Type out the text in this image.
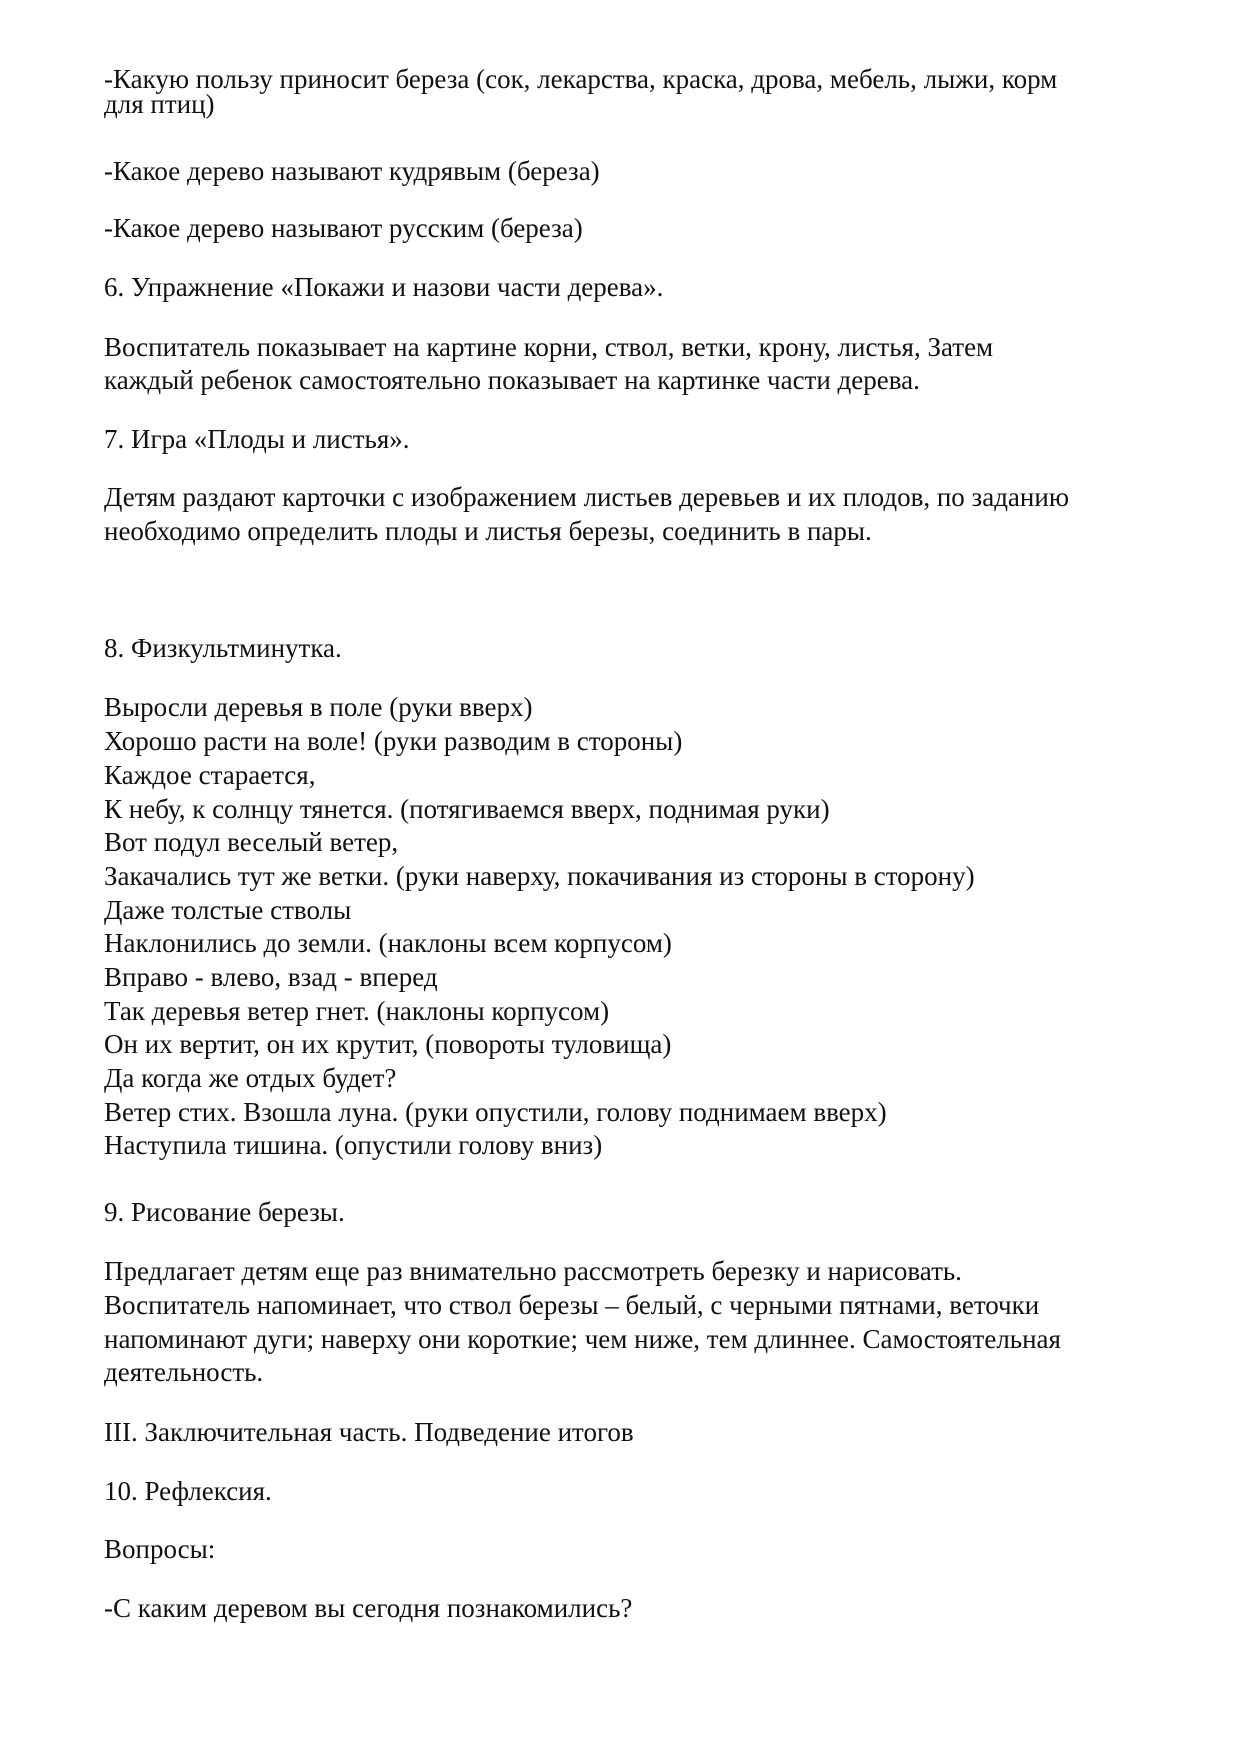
-Какую пользу приносит береза (сок, лекарства, краска, дрова, мебель, лыжи, корм
для птиц)
-Какое дерево называют кудрявым (береза)
-Какое дерево называют русским (береза)
6. Упражнение «Покажи и назови части дерева».
Воспитатель показывает на картине корни, ствол, ветки, крону, листья, Затем
каждый ребенок самостоятельно показывает на картинке части дерева.
7. Игра «Плоды и листья».
Детям раздают карточки с изображением листьев деревьев и их плодов, по заданию
необходимо определить плоды и листья березы, соединить в пары.
8. Физкультминутка.
Выросли деревья в поле (руки вверх)
Хорошо расти на воле! (руки разводим в стороны)
Каждое старается,
К небу, к солнцу тянется. (потягиваемся вверх, поднимая руки)
Вот подул веселый ветер,
Закачались тут же ветки. (руки наверху, покачивания из стороны в сторону)
Даже толстые стволы
Наклонились до земли. (наклоны всем корпусом)
Вправо - влево, взад - вперед
Так деревья ветер гнет. (наклоны корпусом)
Он их вертит, он их крутит, (повороты туловища)
Да когда же отдых будет?
Ветер стих. Взошла луна. (руки опустили, голову поднимаем вверх)
Наступила тишина. (опустили голову вниз)
9. Рисование березы.
Предлагает детям еще раз внимательно рассмотреть березку и нарисовать.
Воспитатель напоминает, что ствол березы – белый, с черными пятнами, веточки
напоминают дуги; наверху они короткие; чем ниже, тем длиннее. Самостоятельная
деятельность.
III. Заключительная часть. Подведение итогов
10. Рефлексия.
Вопросы:
-С каким деревом вы сегодня познакомились?
